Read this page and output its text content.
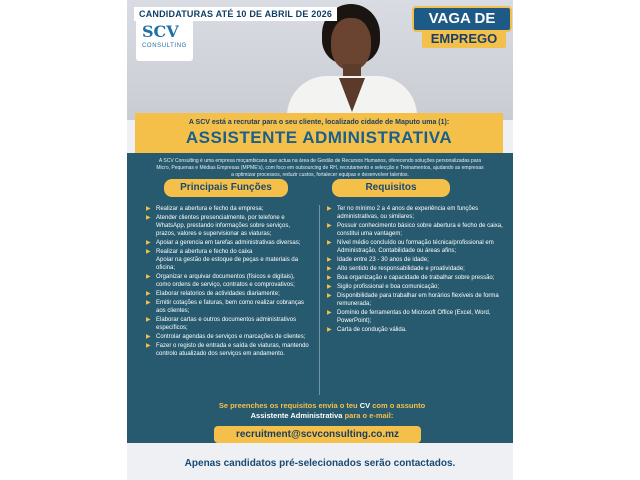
CANDIDATURAS ATÉ 10 DE ABRIL DE 2026
SCV
CONSULTING
VAGA DE
EMPREGO
A SCV está a recrutar para o seu cliente, localizado cidade de Maputo uma (1):
ASSISTENTE ADMINISTRATIVA
A SCV Consulting é uma empresa moçambicana que actua na área de Gestão de Recursos Humanos, oferecendo soluções personalizadas para Micro, Pequenas e Médias Empresas (MPME's), com foco em outsourcing de RH, recrutamento e selecção e Treinamentos, ajudando as empresas a optimizar processos, reduzir custos, fortalecer equipas e desenvolver talentos.
Principais Funções	Requisitos
▶ Realizar a abertura e fecho da empresa;
▶ Atender clientes presencialmente, por telefone e WhatsApp, prestando informações sobre serviços, prazos, valores e supervisionar as viaturas;
▶ Apoiar a gerencia em tarefas administrativas diversas;
▶ Realizar a abertura e fecho do caixa
Apoiar na gestão de estoque de peças e materiais da oficina;
▶ Organizar e arquivar documentos (físicos e digitais), como ordens de serviço, contratos e comprovativos;
▶ Elaborar relatorios de actividades diariamente;
▶ Emitir cotações e faturas, bem como realizar cobranças aos clientes;
▶ Elaborar cartas e outros documentos administrativos específicos;
▶ Controlar agendas de serviços e marcações de clientes;
▶ Fazer o registo de entrada e saída de viaturas, mantendo controlo atualizado dos serviços em andamento.
▶ Ter no mínimo 2 a 4 anos de experiência em funções administrativas, ou similares;
▶ Possuir conhecimento básico sobre abertura e fecho de caixa, constitui uma vantagem;
▶ Nível médio concluído ou formação técnica/profissional em Administração, Contabilidade ou áreas afins;
▶ Idade entre 23 - 30 anos de idade;
▶ Alto sentido de responsabilidade e proatividade;
▶ Boa organização e capacidade de trabalhar sobre pressão;
▶ Sigilo profissional e boa comunicação;
▶ Disponibilidade para trabalhar em horários flexíveis de forma remunerada;
▶ Domínio de ferramentas do Microsoft Office (Excel, Word, PowerPoint);
▶ Carta de condução válida.
Se preenches os requisitos envia o teu CV com o assunto
Assistente Administrativa para o e-mail:
recruitment@scvconsulting.co.mz
Apenas candidatos pré-selecionados serão contactados.
